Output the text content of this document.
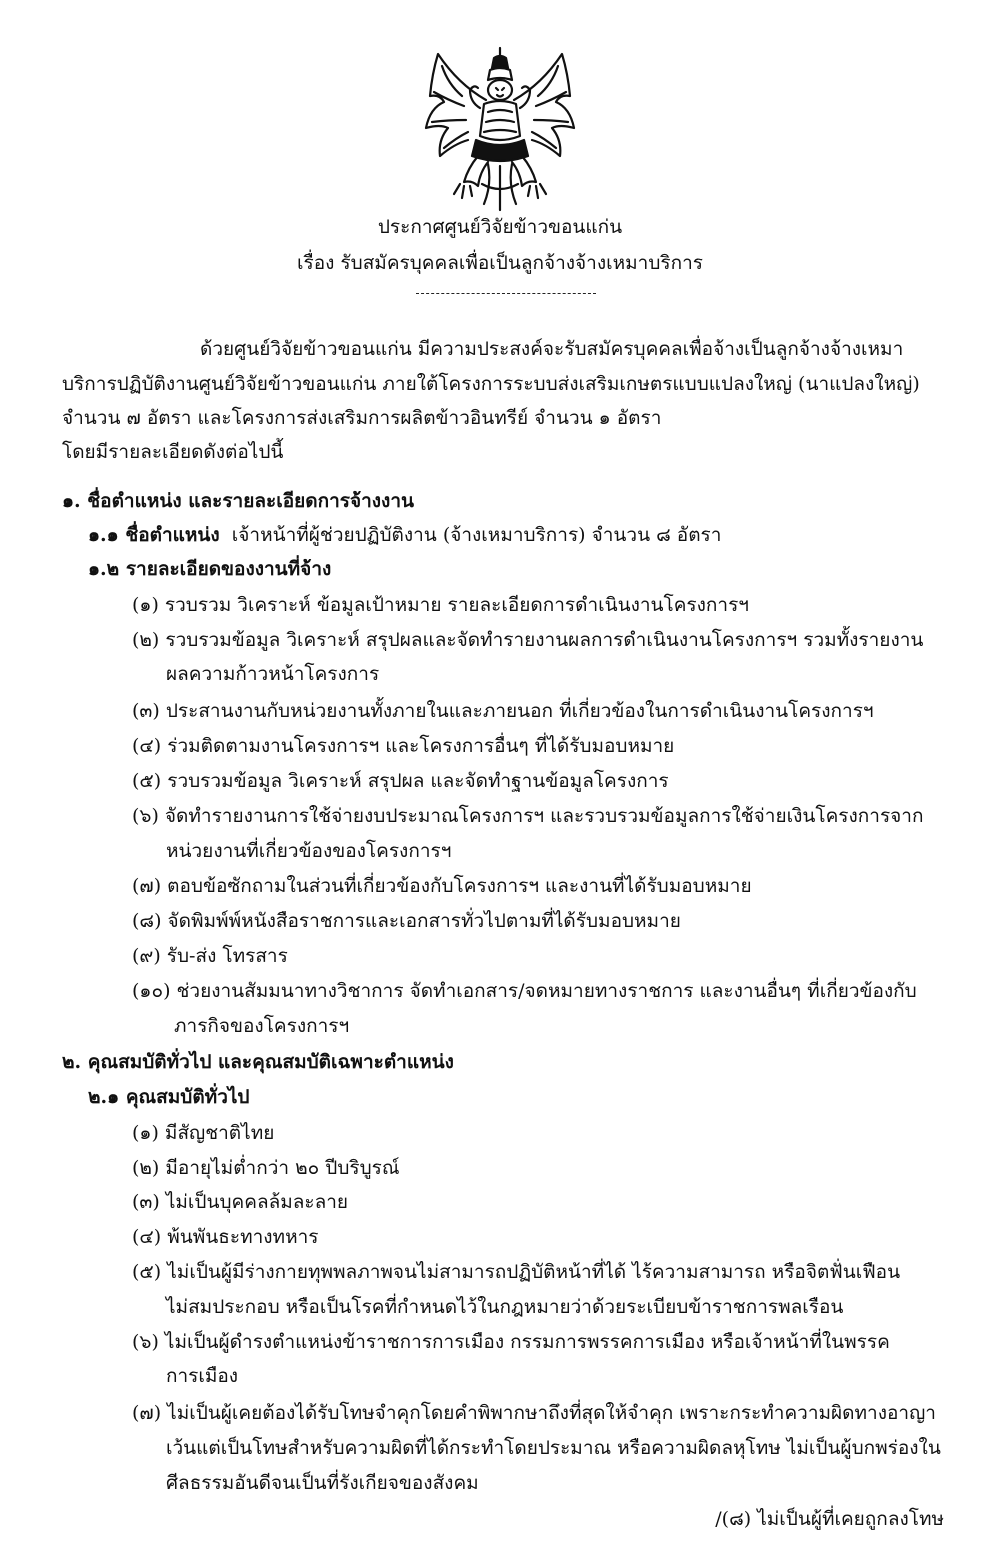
ประกาศศูนย์วิจัยข้าวขอนแก่น
เรื่อง รับสมัครบุคคลเพื่อเป็นลูกจ้างจ้างเหมาบริการ
ด้วยศูนย์วิจัยข้าวขอนแก่น มีความประสงค์จะรับสมัครบุคคลเพื่อจ้างเป็นลูกจ้างจ้างเหมา
บริการปฏิบัติงานศูนย์วิจัยข้าวขอนแก่น ภายใต้โครงการระบบส่งเสริมเกษตรแบบแปลงใหญ่ (นาแปลงใหญ่)
จำนวน ๗ อัตรา และโครงการส่งเสริมการผลิตข้าวอินทรีย์ จำนวน ๑ อัตรา
โดยมีรายละเอียดดังต่อไปนี้
๑. ชื่อตำแหน่ง และรายละเอียดการจ้างงาน
๑.๑ ชื่อตำแหน่ง เจ้าหน้าที่ผู้ช่วยปฏิบัติงาน (จ้างเหมาบริการ) จำนวน ๘ อัตรา
๑.๒ รายละเอียดของงานที่จ้าง
(๑) รวบรวม วิเคราะห์ ข้อมูลเป้าหมาย รายละเอียดการดำเนินงานโครงการฯ
(๒) รวบรวมข้อมูล วิเคราะห์ สรุปผลและจัดทำรายงานผลการดำเนินงานโครงการฯ รวมทั้งรายงาน
ผลความก้าวหน้าโครงการ
(๓) ประสานงานกับหน่วยงานทั้งภายในและภายนอก ที่เกี่ยวข้องในการดำเนินงานโครงการฯ
(๔) ร่วมติดตามงานโครงการฯ และโครงการอื่นๆ ที่ได้รับมอบหมาย
(๕) รวบรวมข้อมูล วิเคราะห์ สรุปผล และจัดทำฐานข้อมูลโครงการ
(๖) จัดทำรายงานการใช้จ่ายงบประมาณโครงการฯ และรวบรวมข้อมูลการใช้จ่ายเงินโครงการจาก
หน่วยงานที่เกี่ยวข้องของโครงการฯ
(๗) ตอบข้อซักถามในส่วนที่เกี่ยวข้องกับโครงการฯ และงานที่ได้รับมอบหมาย
(๘) จัดพิมพ์พ์หนังสือราชการและเอกสารทั่วไปตามที่ได้รับมอบหมาย
(๙) รับ-ส่ง โทรสาร
(๑๐) ช่วยงานสัมมนาทางวิชาการ จัดทำเอกสาร/จดหมายทางราชการ และงานอื่นๆ ที่เกี่ยวข้องกับ
ภารกิจของโครงการฯ
๒. คุณสมบัติทั่วไป และคุณสมบัติเฉพาะตำแหน่ง
๒.๑ คุณสมบัติทั่วไป
(๑) มีสัญชาติไทย
(๒) มีอายุไม่ต่ำกว่า ๒๐ ปีบริบูรณ์
(๓) ไม่เป็นบุคคลล้มละลาย
(๔) พ้นพันธะทางทหาร
(๕) ไม่เป็นผู้มีร่างกายทุพพลภาพจนไม่สามารถปฏิบัติหน้าที่ได้ ไร้ความสามารถ หรือจิตฟั่นเฟือน
ไม่สมประกอบ หรือเป็นโรคที่กำหนดไว้ในกฎหมายว่าด้วยระเบียบข้าราชการพลเรือน
(๖) ไม่เป็นผู้ดำรงตำแหน่งข้าราชการการเมือง กรรมการพรรคการเมือง หรือเจ้าหน้าที่ในพรรค
การเมือง
(๗) ไม่เป็นผู้เคยต้องได้รับโทษจำคุกโดยคำพิพากษาถึงที่สุดให้จำคุก เพราะกระทำความผิดทางอาญา
เว้นแต่เป็นโทษสำหรับความผิดที่ได้กระทำโดยประมาณ หรือความผิดลหุโทษ ไม่เป็นผู้บกพร่องใน
ศีลธรรมอันดีจนเป็นที่รังเกียจของสังคม
/(๘) ไม่เป็นผู้ที่เคยถูกลงโทษ
